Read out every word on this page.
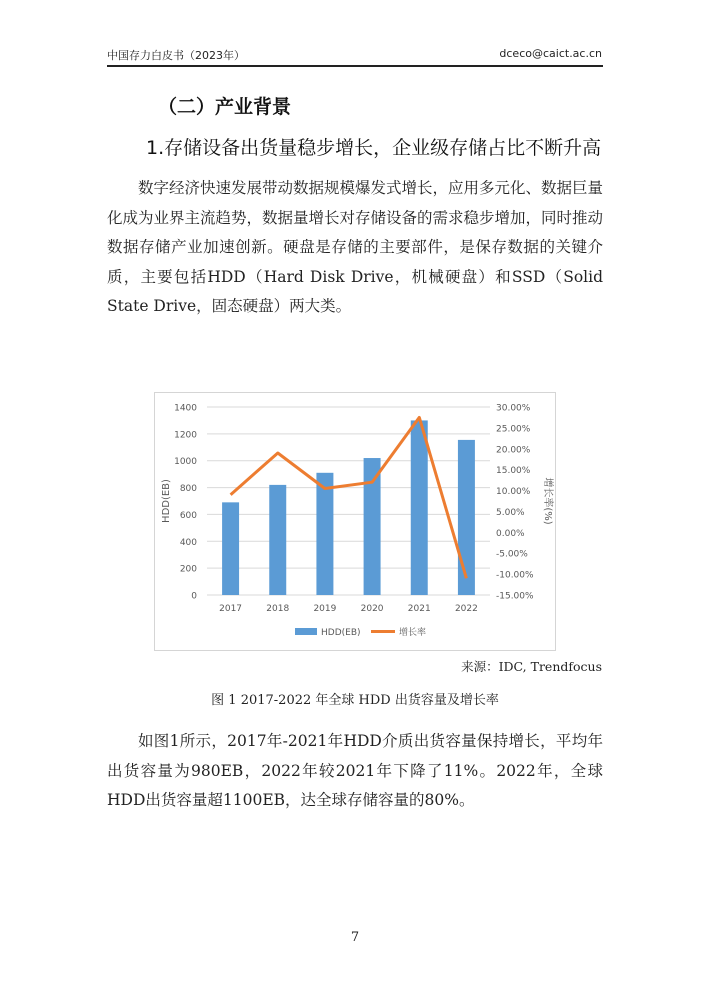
中国存力白皮书（2023年）	dceco@caict.ac.cn
（二）产业背景
1.存储设备出货量稳步增长，企业级存储占比不断升高
数字经济快速发展带动数据规模爆发式增长，应用多元化、数据巨量化成为业界主流趋势，数据量增长对存储设备的需求稳步增加，同时推动数据存储产业加速创新。硬盘是存储的主要部件，是保存数据的关键介质，主要包括HDD（Hard Disk Drive，机械硬盘）和SSD（Solid State Drive，固态硬盘）两大类。
0
200
400
600
800
1000
1200
1400
-15.00%
-10.00%
-5.00%
0.00%
5.00%
10.00%
15.00%
20.00%
25.00%
30.00%
2017	2018	2019	2020	2021	2022
HDD(EB)	增长率(%)
HDD(EB)	增长率
来源：IDC, Trendfocus
图 1 2017-2022 年全球 HDD 出货容量及增长率
如图1所示，2017年-2021年HDD介质出货容量保持增长，平均年出货容量为980EB，2022年较2021年下降了11%。2022年，全球HDD出货容量超1100EB，达全球存储容量的80%。
7
